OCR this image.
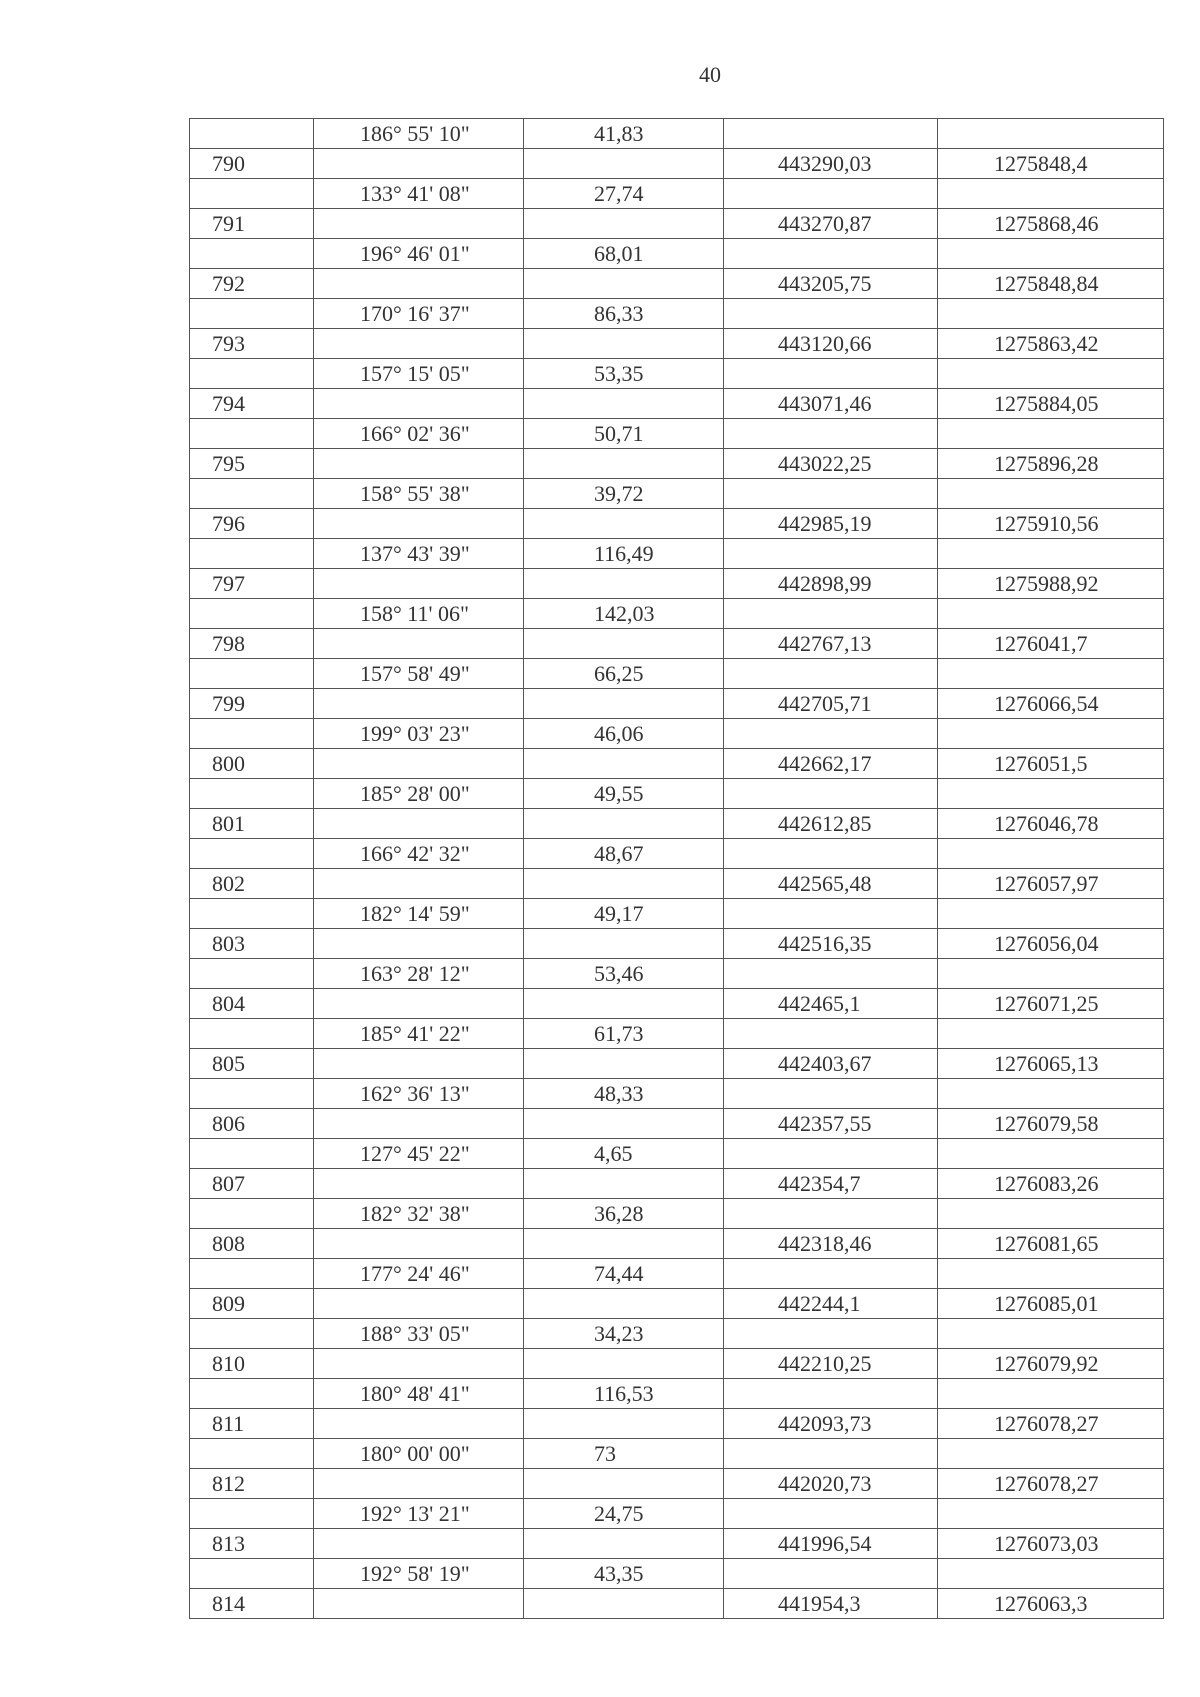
40
	186° 55' 10"	41,83		
790			443290,03	1275848,4
	133° 41' 08"	27,74		
791			443270,87	1275868,46
	196° 46' 01"	68,01		
792			443205,75	1275848,84
	170° 16' 37"	86,33		
793			443120,66	1275863,42
	157° 15' 05"	53,35		
794			443071,46	1275884,05
	166° 02' 36"	50,71		
795			443022,25	1275896,28
	158° 55' 38"	39,72		
796			442985,19	1275910,56
	137° 43' 39"	116,49		
797			442898,99	1275988,92
	158° 11' 06"	142,03		
798			442767,13	1276041,7
	157° 58' 49"	66,25		
799			442705,71	1276066,54
	199° 03' 23"	46,06		
800			442662,17	1276051,5
	185° 28' 00"	49,55		
801			442612,85	1276046,78
	166° 42' 32"	48,67		
802			442565,48	1276057,97
	182° 14' 59"	49,17		
803			442516,35	1276056,04
	163° 28' 12"	53,46		
804			442465,1	1276071,25
	185° 41' 22"	61,73		
805			442403,67	1276065,13
	162° 36' 13"	48,33		
806			442357,55	1276079,58
	127° 45' 22"	4,65		
807			442354,7	1276083,26
	182° 32' 38"	36,28		
808			442318,46	1276081,65
	177° 24' 46"	74,44		
809			442244,1	1276085,01
	188° 33' 05"	34,23		
810			442210,25	1276079,92
	180° 48' 41"	116,53		
811			442093,73	1276078,27
	180° 00' 00"	73		
812			442020,73	1276078,27
	192° 13' 21"	24,75		
813			441996,54	1276073,03
	192° 58' 19"	43,35		
814			441954,3	1276063,3
